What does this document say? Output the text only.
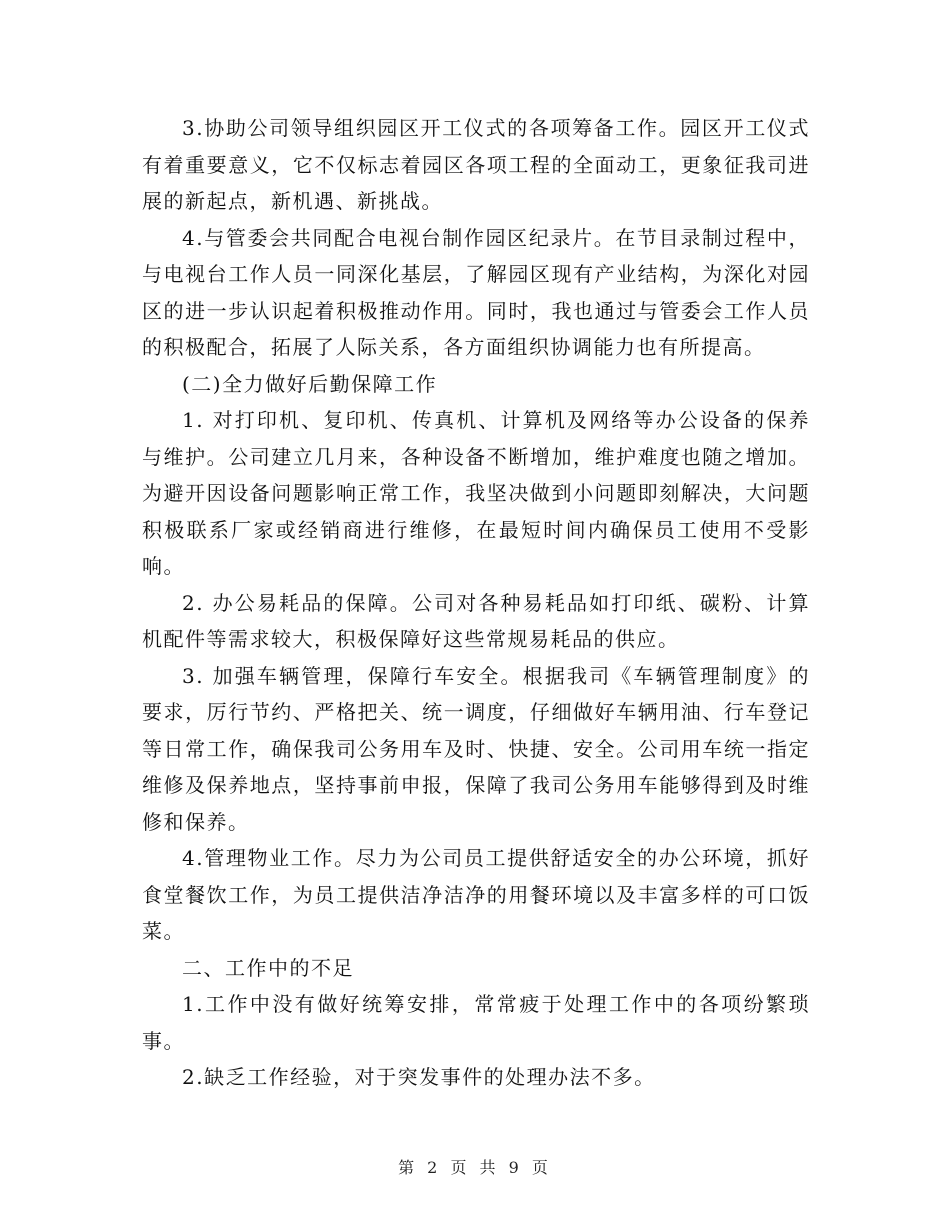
3.协助公司领导组织园区开工仪式的各项筹备工作。园区开工仪式有着重要意义，它不仅标志着园区各项工程的全面动工，更象征我司进展的新起点，新机遇、新挑战。

4.与管委会共同配合电视台制作园区纪录片。在节目录制过程中，与电视台工作人员一同深化基层，了解园区现有产业结构，为深化对园区的进一步认识起着积极推动作用。同时，我也通过与管委会工作人员的积极配合，拓展了人际关系，各方面组织协调能力也有所提高。

(二)全力做好后勤保障工作

1. 对打印机、复印机、传真机、计算机及网络等办公设备的保养与维护。公司建立几月来，各种设备不断增加，维护难度也随之增加。为避开因设备问题影响正常工作，我坚决做到小问题即刻解决，大问题积极联系厂家或经销商进行维修，在最短时间内确保员工使用不受影响。

2. 办公易耗品的保障。公司对各种易耗品如打印纸、碳粉、计算机配件等需求较大，积极保障好这些常规易耗品的供应。

3. 加强车辆管理，保障行车安全。根据我司《车辆管理制度》的要求，厉行节约、严格把关、统一调度，仔细做好车辆用油、行车登记等日常工作，确保我司公务用车及时、快捷、安全。公司用车统一指定维修及保养地点，坚持事前申报，保障了我司公务用车能够得到及时维修和保养。

4.管理物业工作。尽力为公司员工提供舒适安全的办公环境，抓好食堂餐饮工作，为员工提供洁净洁净的用餐环境以及丰富多样的可口饭菜。

二、工作中的不足

1.工作中没有做好统筹安排，常常疲于处理工作中的各项纷繁琐事。

2.缺乏工作经验，对于突发事件的处理办法不多。

第 2 页 共 9 页
